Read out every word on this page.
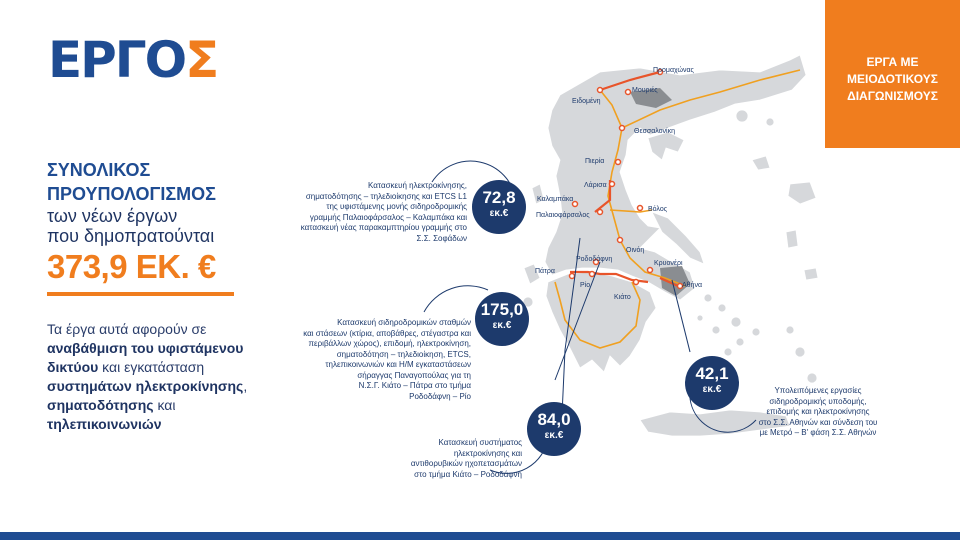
ΕΡΓΟΣ	ΕΡΓΑ ΜΕ
ΜΕΙΟΔΟΤΙΚΟΥΣ
ΔΙΑΓΩΝΙΣΜΟΥΣ
ΣΥΝΟΛΙΚΟΣ
ΠΡΟΥΠΟΛΟΓΙΣΜΟΣ
των νέων έργων
που δημοπρατούνται
373,9 ΕΚ. €
Τα έργα αυτά αφορούν σε αναβάθμιση του υφιστάμενου δικτύου και εγκατάσταση συστημάτων ηλεκτροκίνησης, σηματοδότησης και τηλεπικοινωνιών
Προμαχώνας
Μουριές
Ειδομένη
Θεσσαλονίκη
Πιερία
Λάρισα
Καλαμπάκα
Βόλος
Παλαιοφάρσαλος
Οινόη
Ροδοδάφνη
Κρυονέρι
Πάτρα
Ρίο
Κιάτο
Αθήνα
72,8
εκ.€
Κατασκευή ηλεκτροκίνησης,
σηματοδότησης – τηλεδιοίκησης και ETCS L1
της υφιστάμενης μονής σιδηροδρομικής
γραμμής Παλαιοφάρσαλος – Καλαμπάκα και
κατασκευή νέας παρακαμπτηρίου γραμμής στο
Σ.Σ. Σοφάδων
175,0
εκ.€
Κατασκευή σιδηροδρομικών σταθμών
και στάσεων (κτίρια, αποβάθρες, στέγαστρα και
περιβάλλων χώρος), επιδομή, ηλεκτροκίνηση,
σηματοδότηση – τηλεδιοίκηση, ETCS,
τηλεπικοινωνιών και Η/Μ εγκαταστάσεων
σήραγγας Παναγοπούλας για τη
Ν.Σ.Γ. Κιάτο – Πάτρα στο τμήμα
Ροδοδάφνη – Ρίο
84,0
εκ.€
Κατασκευή συστήματος
ηλεκτροκίνησης και
αντιθορυβικών ηχοπετασμάτων
στο τμήμα Κιάτο – Ροδοδάφνη
42,1
εκ.€	Υπολειπόμενες εργασίες
σιδηροδρομικής υποδομής,
επιδομής και ηλεκτροκίνησης
στο Σ.Σ. Αθηνών και σύνδεση του
με Μετρό – Β' φάση Σ.Σ. Αθηνών
